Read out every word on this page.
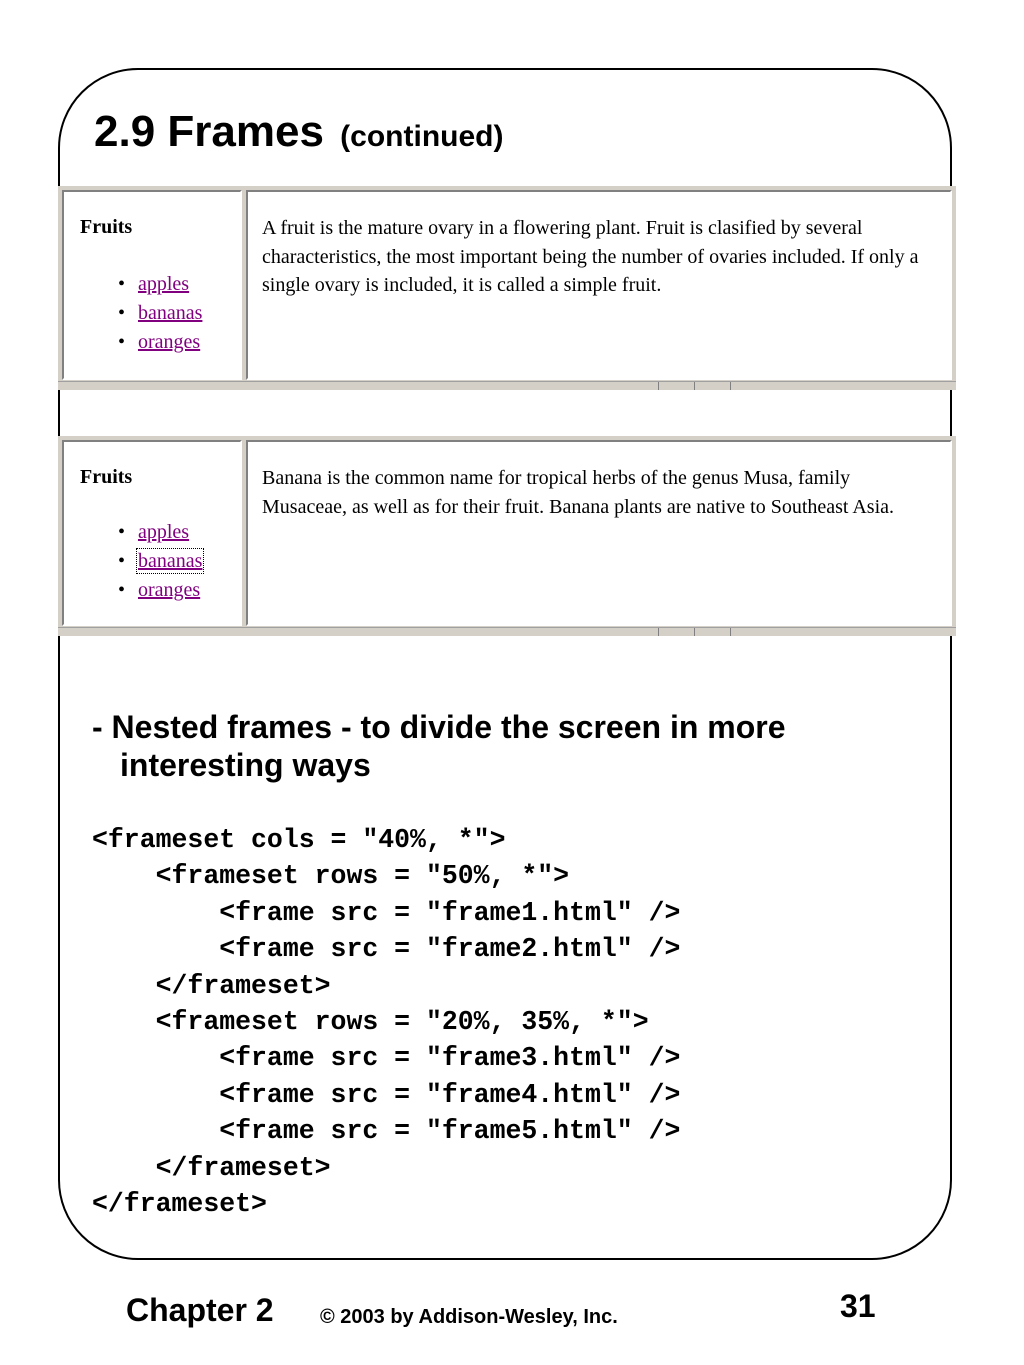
2.9 Frames (continued)
Fruits
• apples
• bananas
• oranges
A fruit is the mature ovary in a flowering plant. Fruit is clasified by several characteristics, the most important being the number of ovaries included. If only a single ovary is included, it is called a simple fruit.
Fruits
• apples
• bananas
• oranges
Banana is the common name for tropical herbs of the genus Musa, family Musaceae, as well as for their fruit. Banana plants are native to Southeast Asia.
- Nested frames - to divide the screen in more
interesting ways
<frameset cols = "40%, *">
<frameset rows = "50%, *">
<frame src = "frame1.html" />
<frame src = "frame2.html" />
</frameset>
<frameset rows = "20%, 35%, *">
<frame src = "frame3.html" />
<frame src = "frame4.html" />
<frame src = "frame5.html" />
</frameset>
</frameset>
Chapter 2 © 2003 by Addison-Wesley, Inc.	31
